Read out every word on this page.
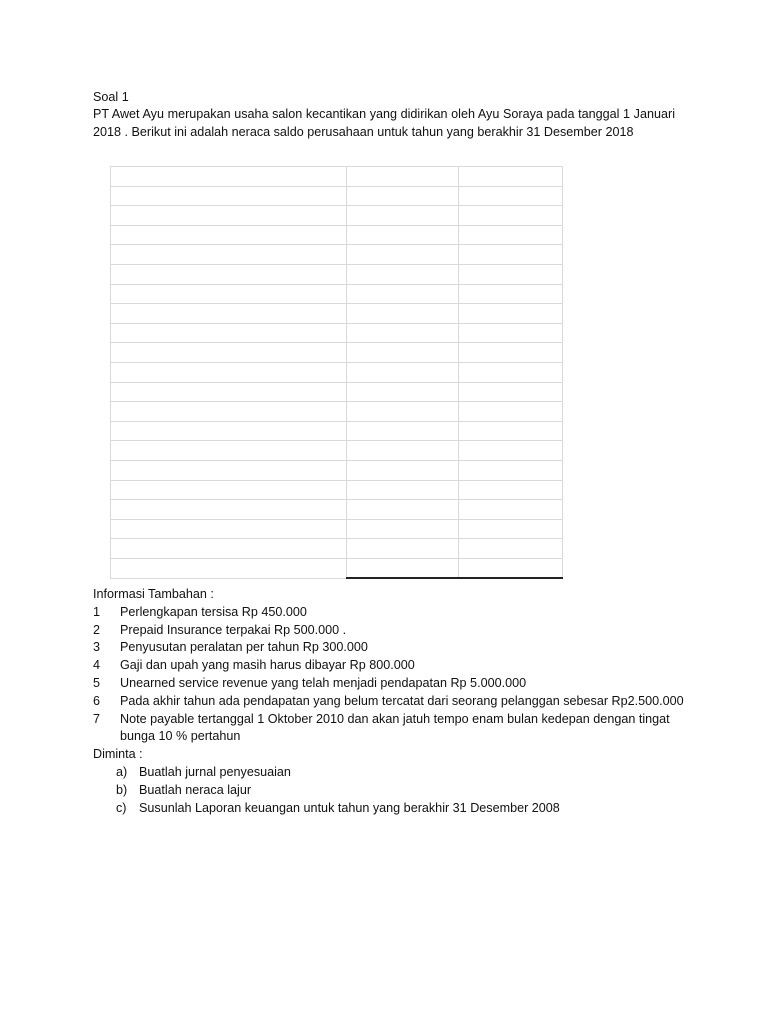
Soal 1
PT Awet Ayu merupakan usaha salon kecantikan yang didirikan oleh Ayu Soraya pada tanggal 1 Januari 2018 . Berikut ini adalah neraca saldo perusahaan untuk tahun yang berakhir 31 Desember 2018

Informasi Tambahan :
1 Perlengkapan tersisa Rp 450.000
2 Prepaid Insurance terpakai Rp 500.000 .
3 Penyusutan peralatan per tahun Rp 300.000
4 Gaji dan upah yang masih harus dibayar Rp 800.000
5 Unearned service revenue yang telah menjadi pendapatan Rp 5.000.000
6 Pada akhir tahun ada pendapatan yang belum tercatat dari seorang pelanggan sebesar Rp2.500.000
7 Note payable tertanggal 1 Oktober 2010 dan akan jatuh tempo enam bulan kedepan dengan tingat bunga 10 % pertahun
Diminta :
a) Buatlah jurnal penyesuaian
b) Buatlah neraca lajur
c) Susunlah Laporan keuangan untuk tahun yang berakhir 31 Desember 2008
